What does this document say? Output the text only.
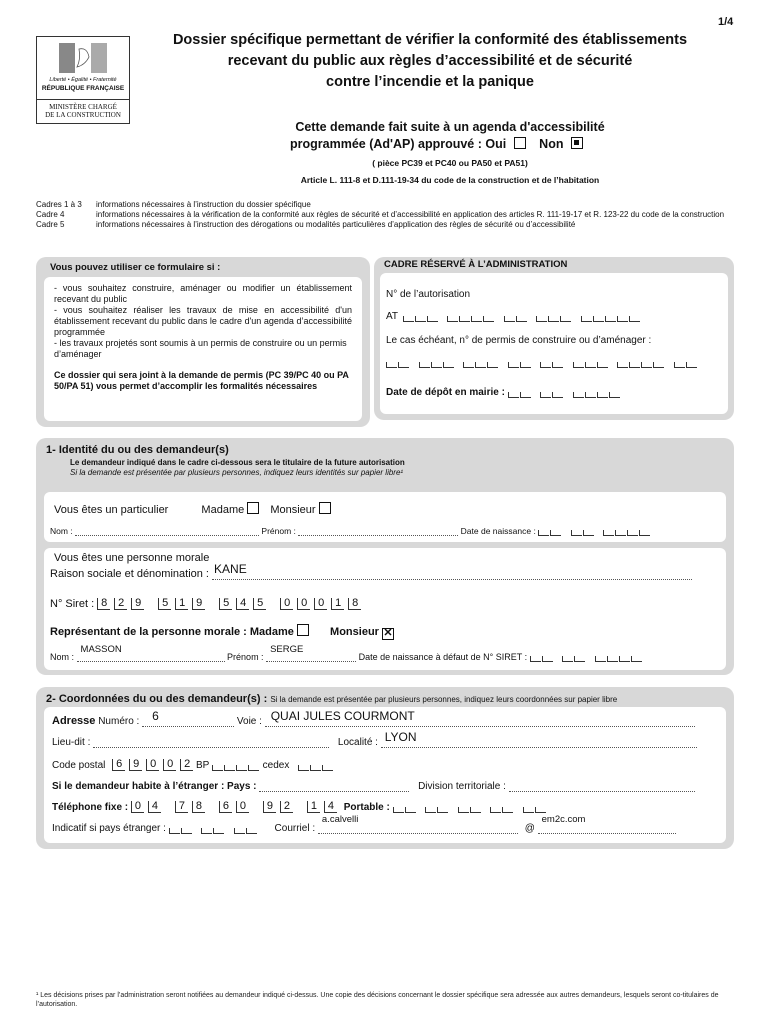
1/4
Liberté • Égalité • Fraternité
RÉPUBLIQUE FRANÇAISE
MINISTÈRE CHARGÉ
DE LA CONSTRUCTION
Dossier spécifique permettant de vérifier la conformité des établissements
recevant du public aux règles d’accessibilité et de sécurité
contre l’incendie et la panique
Cette demande fait suite à un agenda d'accessibilité
programmée (Ad'AP) approuvé : Oui	Non
( pièce PC39 et PC40 ou PA50 et PA51)
Article L. 111-8 et D.111-19-34 du code de la construction et de l’habitation
Cadres 1 à 3	informations nécessaires à l’instruction du dossier spécifique
Cadre 4	informations nécessaires à la vérification de la conformité aux règles de sécurité et d’accessibilité en application des articles R. 111-19-17 et R. 123-22 du code de la construction
Cadre 5	informations nécessaires à l’instruction des dérogations ou modalités particulières d’application des règles de sécurité ou d’accessibilité
Vous pouvez utiliser ce formulaire si :

- vous souhaitez construire, aménager ou modifier un établissement recevant du public

- vous souhaitez réaliser les travaux de mise en accessibilité d'un établissement recevant du public dans le cadre d'un agenda d’accessibilité programmée

- les travaux projetés sont soumis à un permis de construire ou un permis d’aménager

Ce dossier qui sera joint à la demande de permis (PC 39/PC 40 ou PA 50/PA 51) vous permet d’accomplir les formalités nécessaires

CADRE RÉSERVÉ À L’ADMINISTRATION
N° de l’autorisation
AT
Le cas échéant, n° de permis de construire ou d’aménager :

Date de dépôt en mairie :
1- Identité du ou des demandeur(s)
Le demandeur indiqué dans le cadre ci-dessous sera le titulaire de la future autorisation
Si la demande est présentée par plusieurs personnes, indiquez leurs identités sur papier libre¹
Vous êtes un particulier	Madame Monsieur
Nom :	Prénom :	Date de naissance :
Vous êtes une personne morale
Raison sociale et dénomination : KANE
N° Siret : 8 2 9	5 1 9	5 4 5	0 0 0 1 8
Représentant de la personne morale : Madame	Monsieur ✕
Nom :
MASSON
Prénom :
SERGE
Date de naissance à défaut de N° SIRET :
2- Coordonnées du ou des demandeur(s) : Si la demande est présentée par plusieurs personnes, indiquez leurs coordonnées sur papier libre
Adresse Numéro : 6	Voie : QUAI JULES COURMONT
Lieu-dit :	Localité : LYON
Code postal 6 9 0 0 2 BP	cedex
Si le demandeur habite à l’étranger : Pays :	Division territoriale :
Téléphone fixe : 0 4	7 8	6 0	9 2	1 4 Portable :
Indicatif si pays étranger :	Courriel :
a.calvelli
@
em2c.com
¹ Les décisions prises par l’administration seront notifiées au demandeur indiqué ci-dessus. Une copie des décisions concernant le dossier spécifique sera adressée aux autres demandeurs, lesquels seront co-titulaires de l’autorisation.
